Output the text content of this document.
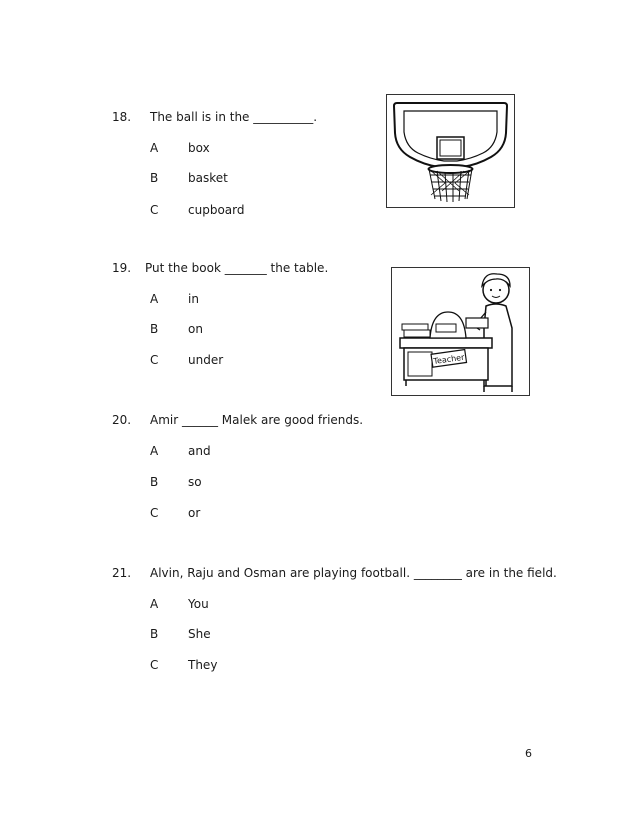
18. The ball is in the __________.
A box
B basket
C cupboard
19. Put the book _______ the table.
A in
B on
C under	Teacher
20. Amir ______ Malek are good friends.
A and
B so
C or
21. Alvin, Raju and Osman are playing football. ________ are in the field.
A You
B She
C They
6
